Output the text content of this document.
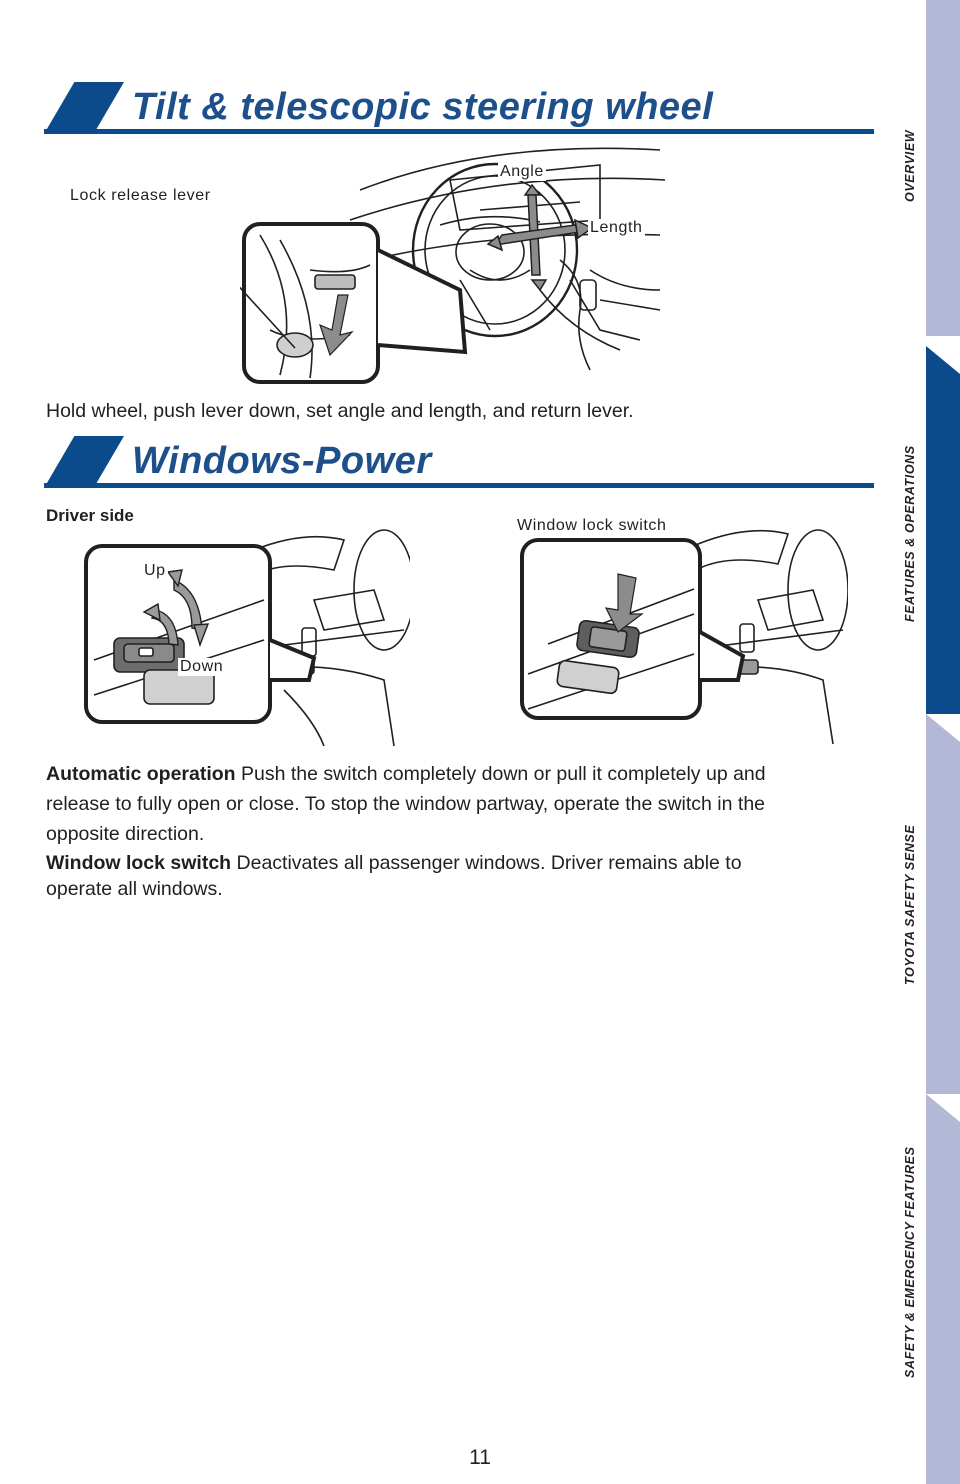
Tilt & telescopic steering wheel
Lock release lever
Angle
Length
Hold wheel, push lever down, set angle and length, and return lever.
Windows-Power
Driver side
Up
Down
Window lock switch
Automatic operation Push the switch completely down or pull it completely up and
release to fully open or close. To stop the window partway, operate the switch in the
opposite direction.
Window lock switch Deactivates all passenger windows. Driver remains able to
operate all windows.
OVERVIEW
FEATURES & OPERATIONS
TOYOTA SAFETY SENSE
SAFETY & EMERGENCY FEATURES
11
